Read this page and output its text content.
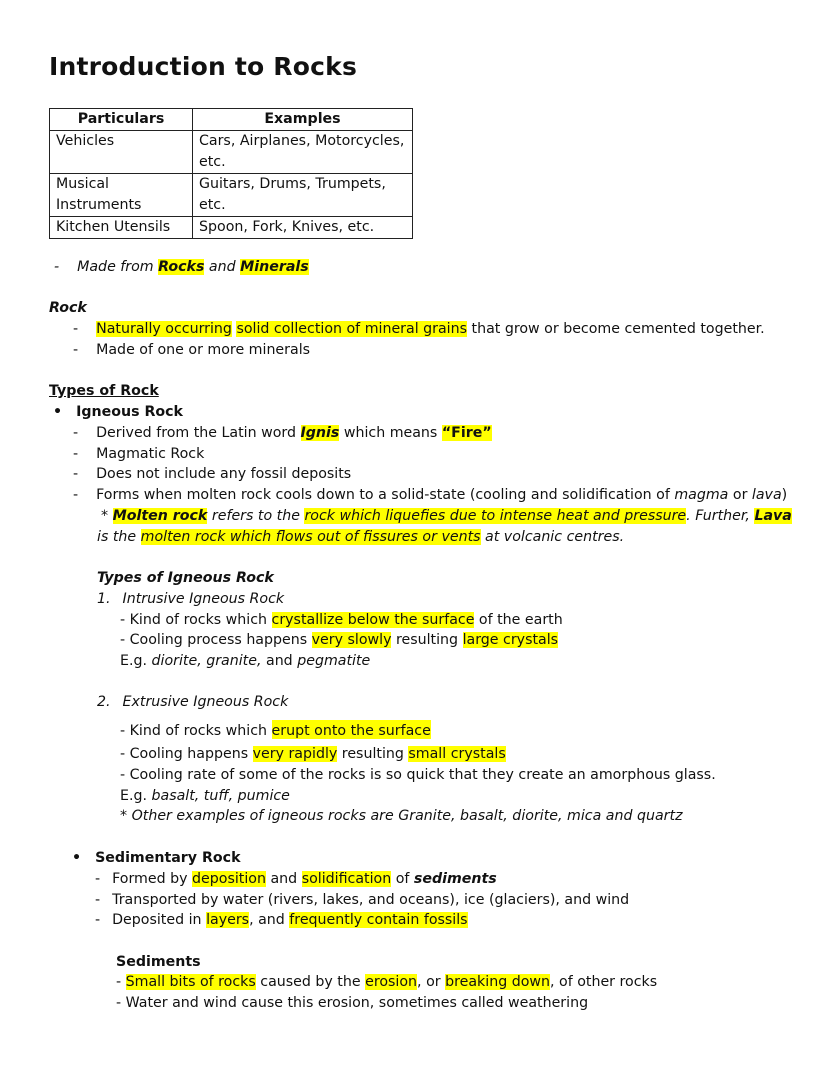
Introduction to Rocks
Particulars	Examples
Vehicles	Cars, Airplanes, Motorcycles,
etc.
Musical
Instruments	Guitars, Drums, Trumpets,
etc.
Kitchen Utensils	Spoon, Fork, Knives, etc.
- Made from Rocks and Minerals
Rock
- Naturally occurring solid collection of mineral grains that grow or become cemented together.
- Made of one or more minerals
Types of Rock
• Igneous Rock
- Derived from the Latin word Ignis which means “Fire”
- Magmatic Rock
- Does not include any fossil deposits
- Forms when molten rock cools down to a solid-state (cooling and solidification of magma or lava)
* Molten rock refers to the rock which liquefies due to intense heat and pressure. Further, Lava
is the molten rock which flows out of fissures or vents at volcanic centres.
Types of Igneous Rock
1. Intrusive Igneous Rock
- Kind of rocks which crystallize below the surface of the earth
- Cooling process happens very slowly resulting large crystals
E.g. diorite, granite, and pegmatite
2. Extrusive Igneous Rock
- Kind of rocks which erupt onto the surface
- Cooling happens very rapidly resulting small crystals
- Cooling rate of some of the rocks is so quick that they create an amorphous glass.
E.g. basalt, tuff, pumice
* Other examples of igneous rocks are Granite, basalt, diorite, mica and quartz
• Sedimentary Rock
- Formed by deposition and solidification of sediments
- Transported by water (rivers, lakes, and oceans), ice (glaciers), and wind
- Deposited in layers, and frequently contain fossils
Sediments
- Small bits of rocks caused by the erosion, or breaking down, of other rocks
- Water and wind cause this erosion, sometimes called weathering
